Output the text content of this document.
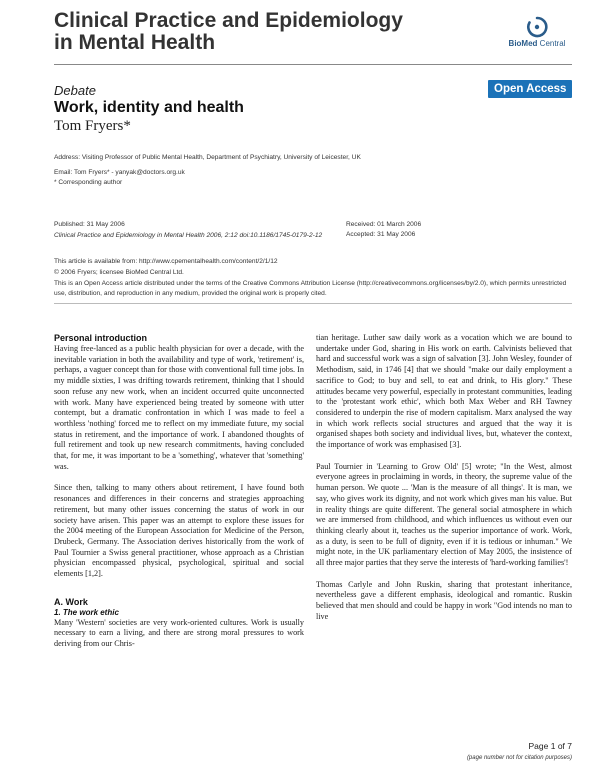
Clinical Practice and Epidemiology
in Mental Health	BioMed Central
Debate	Open Access
Work, identity and health
Tom Fryers*
Address: Visiting Professor of Public Mental Health, Department of Psychiatry, University of Leicester, UK
Email: Tom Fryers* - yanyak@doctors.org.uk
* Corresponding author
Published: 31 May 2006
Clinical Practice and Epidemiology in Mental Health 2006, 2:12 doi:10.1186/1745-0179-2-12
Received: 01 March 2006
Accepted: 31 May 2006
This article is available from: http://www.cpementalhealth.com/content/2/1/12
© 2006 Fryers; licensee BioMed Central Ltd.
This is an Open Access article distributed under the terms of the Creative Commons Attribution License (http://creativecommons.org/licenses/by/2.0), which permits unrestricted use, distribution, and reproduction in any medium, provided the original work is properly cited.
Personal introduction

Having free-lanced as a public health physician for over a decade, with the inevitable variation in both the availability and type of work, 'retirement' is, perhaps, a vaguer concept than for those with conventional full time jobs. In my middle sixties, I was drifting towards retirement, thinking that I should soon refuse any new work, when an incident occurred quite unconnected with work. Many have experienced being treated by someone with utter contempt, but a dramatic confrontation in which I was made to feel a worthless 'nothing' forced me to reflect on my immediate future, my social status in retirement, and the importance of work. I abandoned thoughts of full retirement and took up new research commitments, having concluded that, for me, it was important to be a 'something', whatever that 'something' was.

Since then, talking to many others about retirement, I have found both resonances and differences in their concerns and strategies approaching retirement, but many other issues concerning the status of work in our society have arisen. This paper was an attempt to explore these issues for the 2004 meeting of the European Association for Medicine of the Person, Drubeck, Germany. The Association derives historically from the work of Paul Tournier a Swiss general practitioner, whose approach as a Christian physician encompassed physical, psychological, spiritual and social elements [1,2].

A. Work
1. The work ethic

Many 'Western' societies are very work-oriented cultures. Work is usually necessary to earn a living, and there are strong moral pressures to work deriving from our Chris-

tian heritage. Luther saw daily work as a vocation which we are bound to undertake under God, sharing in His work on earth. Calvinists believed that hard and successful work was a sign of salvation [3]. John Wesley, founder of Methodism, said, in 1746 [4] that we should "make our daily employment a sacrifice to God; to buy and sell, to eat and drink, to His glory." These attitudes became very powerful, especially in protestant communities, leading to the 'protestant work ethic', which both Max Weber and RH Tawney considered to underpin the rise of modern capitalism. Marx analysed the way in which work reflects social structures and argued that the way it is organised shapes both society and individual lives, but, whatever the context, the importance of work was emphasised [3].

Paul Tournier in 'Learning to Grow Old' [5] wrote; "In the West, almost everyone agrees in proclaiming in words, in theory, the supreme value of the human person. We quote ... 'Man is the measure of all things'. It is man, we say, who gives work its dignity, and not work which gives man his value. But in reality things are quite different. The general social atmosphere in which we are immersed from childhood, and which influences us without even our thinking clearly about it, teaches us the superior importance of work. Work, as a duty, is seen to be full of dignity, even if it is tedious or inhuman." We might note, in the UK parliamentary election of May 2005, the insistence of all three major parties that they serve the interests of 'hard-working families'!

Thomas Carlyle and John Ruskin, sharing that protestant inheritance, nevertheless gave a different emphasis, ideological and romantic. Ruskin believed that men should and could be happy in work "God intends no man to live

Page 1 of 7
(page number not for citation purposes)
